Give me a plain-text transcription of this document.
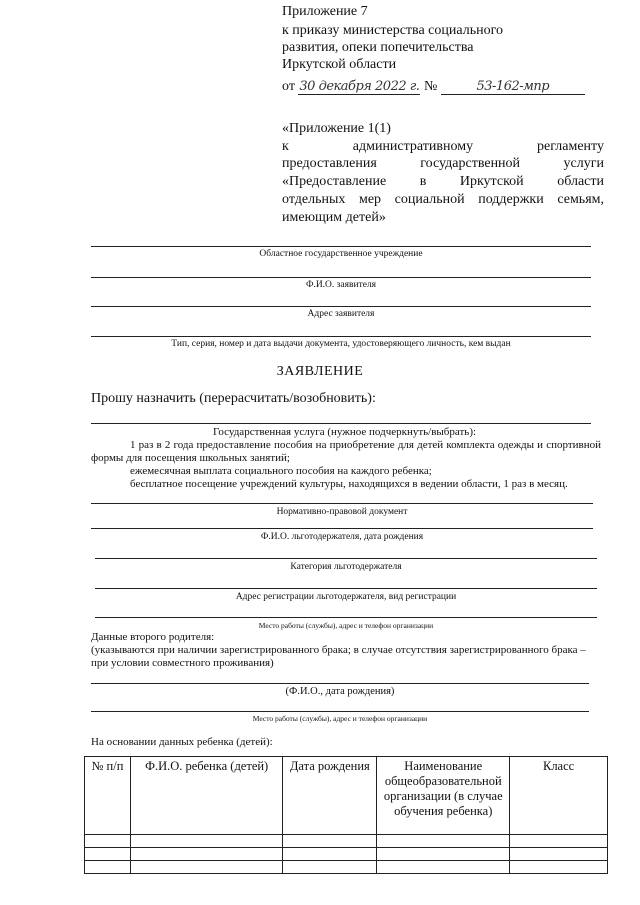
Приложение 7
к приказу министерства социального
развития, опеки попечительства
Иркутской области
от 30 декабря 2022 г. №	53-162-мпр
«Приложение 1(1)
к административному регламенту
предоставления государственной услуги
«Предоставление в Иркутской области
отдельных мер социальной поддержки семьям,
имеющим детей»
Областное государственное учреждение
Ф.И.О. заявителя
Адрес заявителя
Тип, серия, номер и дата выдачи документа, удостоверяющего личность, кем выдан
ЗАЯВЛЕНИЕ
Прошу назначить (перерасчитать/возобновить):
Государственная услуга (нужное подчеркнуть/выбрать):
1 раз в 2 года предоставление пособия на приобретение для детей комплекта одежды и спортивной
формы для посещения школьных занятий;
ежемесячная выплата социального пособия на каждого ребенка;
бесплатное посещение учреждений культуры, находящихся в ведении области, 1 раз в месяц.
Нормативно-правовой документ
Ф.И.О. льготодержателя, дата рождения
Категория льготодержателя
Адрес регистрации льготодержателя, вид регистрации
Место работы (службы), адрес и телефон организации
Данные второго родителя:
(указываются при наличии зарегистрированного брака; в случае отсутствия зарегистрированного брака – при условии совместного проживания)
(Ф.И.О., дата рождения)
Место работы (службы), адрес и телефон организации
На основании данных ребенка (детей):
№ п/п	Ф.И.О. ребенка (детей)	Дата рождения	Наименование общеобразовательной организации (в случае обучения ребенка)	Класс
